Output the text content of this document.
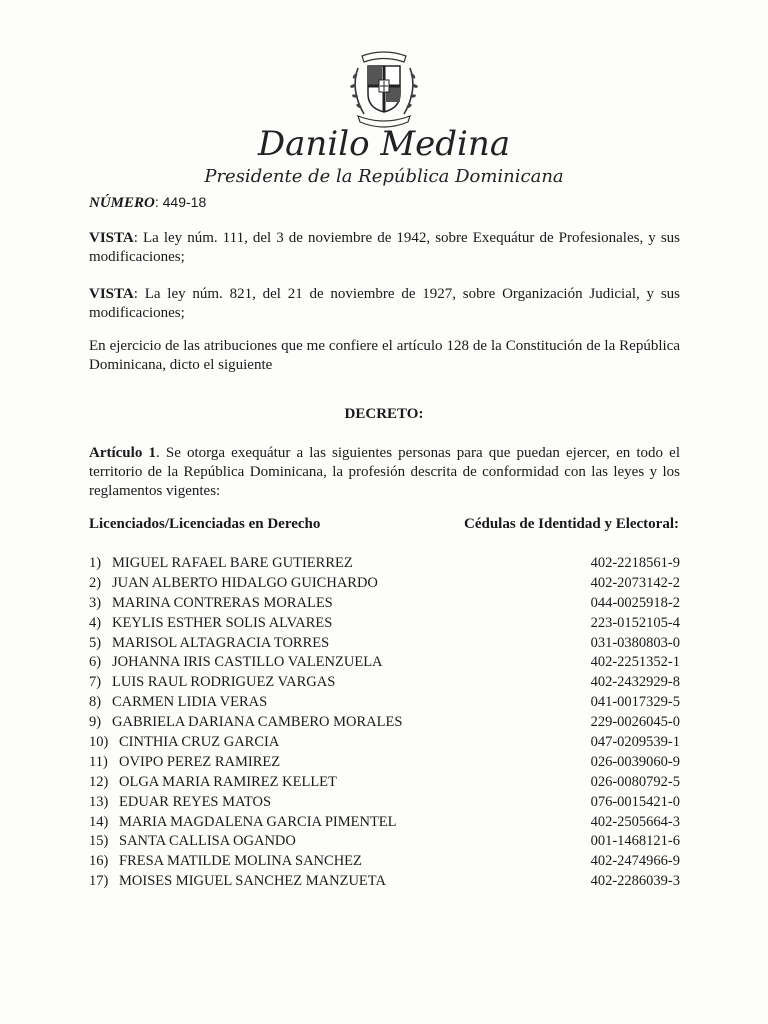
Danilo Medina
Presidente de la República Dominicana
NÚMERO: 449-18
VISTA: La ley núm. 111, del 3 de noviembre de 1942, sobre Exequátur de Profesionales, y sus modificaciones;
VISTA: La ley núm. 821, del 21 de noviembre de 1927, sobre Organización Judicial, y sus modificaciones;
En ejercicio de las atribuciones que me confiere el artículo 128 de la Constitución de la República Dominicana, dicto el siguiente
DECRETO:
Artículo 1. Se otorga exequátur a las siguientes personas para que puedan ejercer, en todo el territorio de la República Dominicana, la profesión descrita de conformidad con las leyes y los reglamentos vigentes:
Licenciados/Licenciadas en Derecho	Cédulas de Identidad y Electoral:
1) MIGUEL RAFAEL BARE GUTIERREZ	402-2218561-9
2) JUAN ALBERTO HIDALGO GUICHARDO	402-2073142-2
3) MARINA CONTRERAS MORALES	044-0025918-2
4) KEYLIS ESTHER SOLIS ALVARES	223-0152105-4
5) MARISOL ALTAGRACIA TORRES	031-0380803-0
6) JOHANNA IRIS CASTILLO VALENZUELA	402-2251352-1
7) LUIS RAUL RODRIGUEZ VARGAS	402-2432929-8
8) CARMEN LIDIA VERAS	041-0017329-5
9) GABRIELA DARIANA CAMBERO MORALES	229-0026045-0
10) CINTHIA CRUZ GARCIA	047-0209539-1
11) OVIPO PEREZ RAMIREZ	026-0039060-9
12) OLGA MARIA RAMIREZ KELLET	026-0080792-5
13) EDUAR REYES MATOS	076-0015421-0
14) MARIA MAGDALENA GARCIA PIMENTEL	402-2505664-3
15) SANTA CALLISA OGANDO	001-1468121-6
16) FRESA MATILDE MOLINA SANCHEZ	402-2474966-9
17) MOISES MIGUEL SANCHEZ MANZUETA	402-2286039-3
